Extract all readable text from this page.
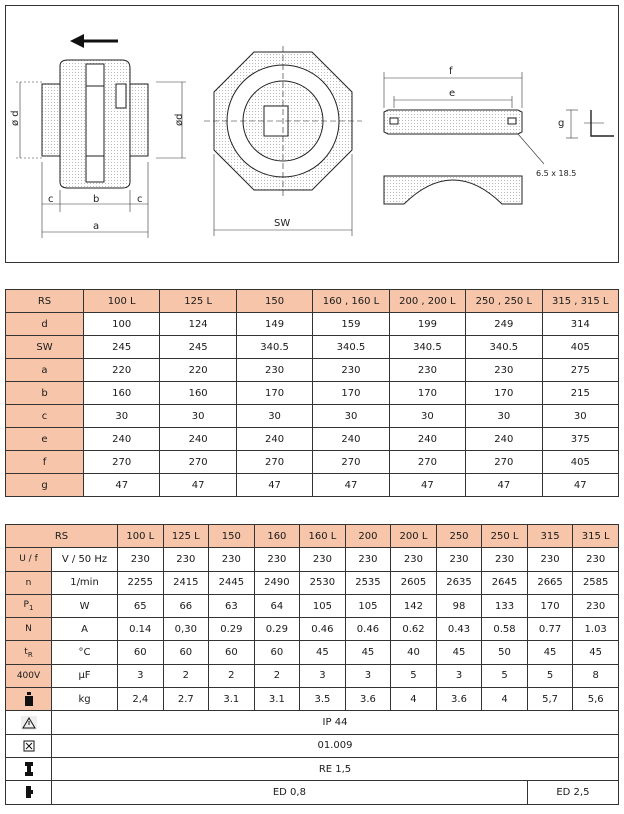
ø d	ød
c	b	c
a	SW
f
e
g
6.5 x 18.5
RS	100 L	125 L	150	160 , 160 L	200 , 200 L	250 , 250 L	315 , 315 L
d	100	124	149	159	199	249	314
SW	245	245	340.5	340.5	340.5	340.5	405
a	220	220	230	230	230	230	275
b	160	160	170	170	170	170	215
c	30	30	30	30	30	30	30
e	240	240	240	240	240	240	375
f	270	270	270	270	270	270	405
g	47	47	47	47	47	47	47
RS		100 L	125 L	150	160	160 L	200	200 L	250	250 L	315	315 L
U / f	V / 50 Hz	230	230	230	230	230	230	230	230	230	230	230
n	1/min	2255	2415	2445	2490	2530	2535	2605	2635	2645	2665	2585
$P_1$	W	65	66	63	64	105	105	142	98	133	170	230
N	A	0.14	0,30	0.29	0.29	0.46	0.46	0.62	0.43	0.58	0.77	1.03
$t_R$	°C	60	60	60	60	45	45	40	45	50	45	45
400V	µF	3	2	2	2	3	3	5	3	5	5	8

	kg	2,4	2.7	3.1	3.1	3.5	3.6	4	3.6	4	5,7	5,6

	IP 44											

	01.009											

	RE 1,5											

	ED 0,8										ED 2,5	
